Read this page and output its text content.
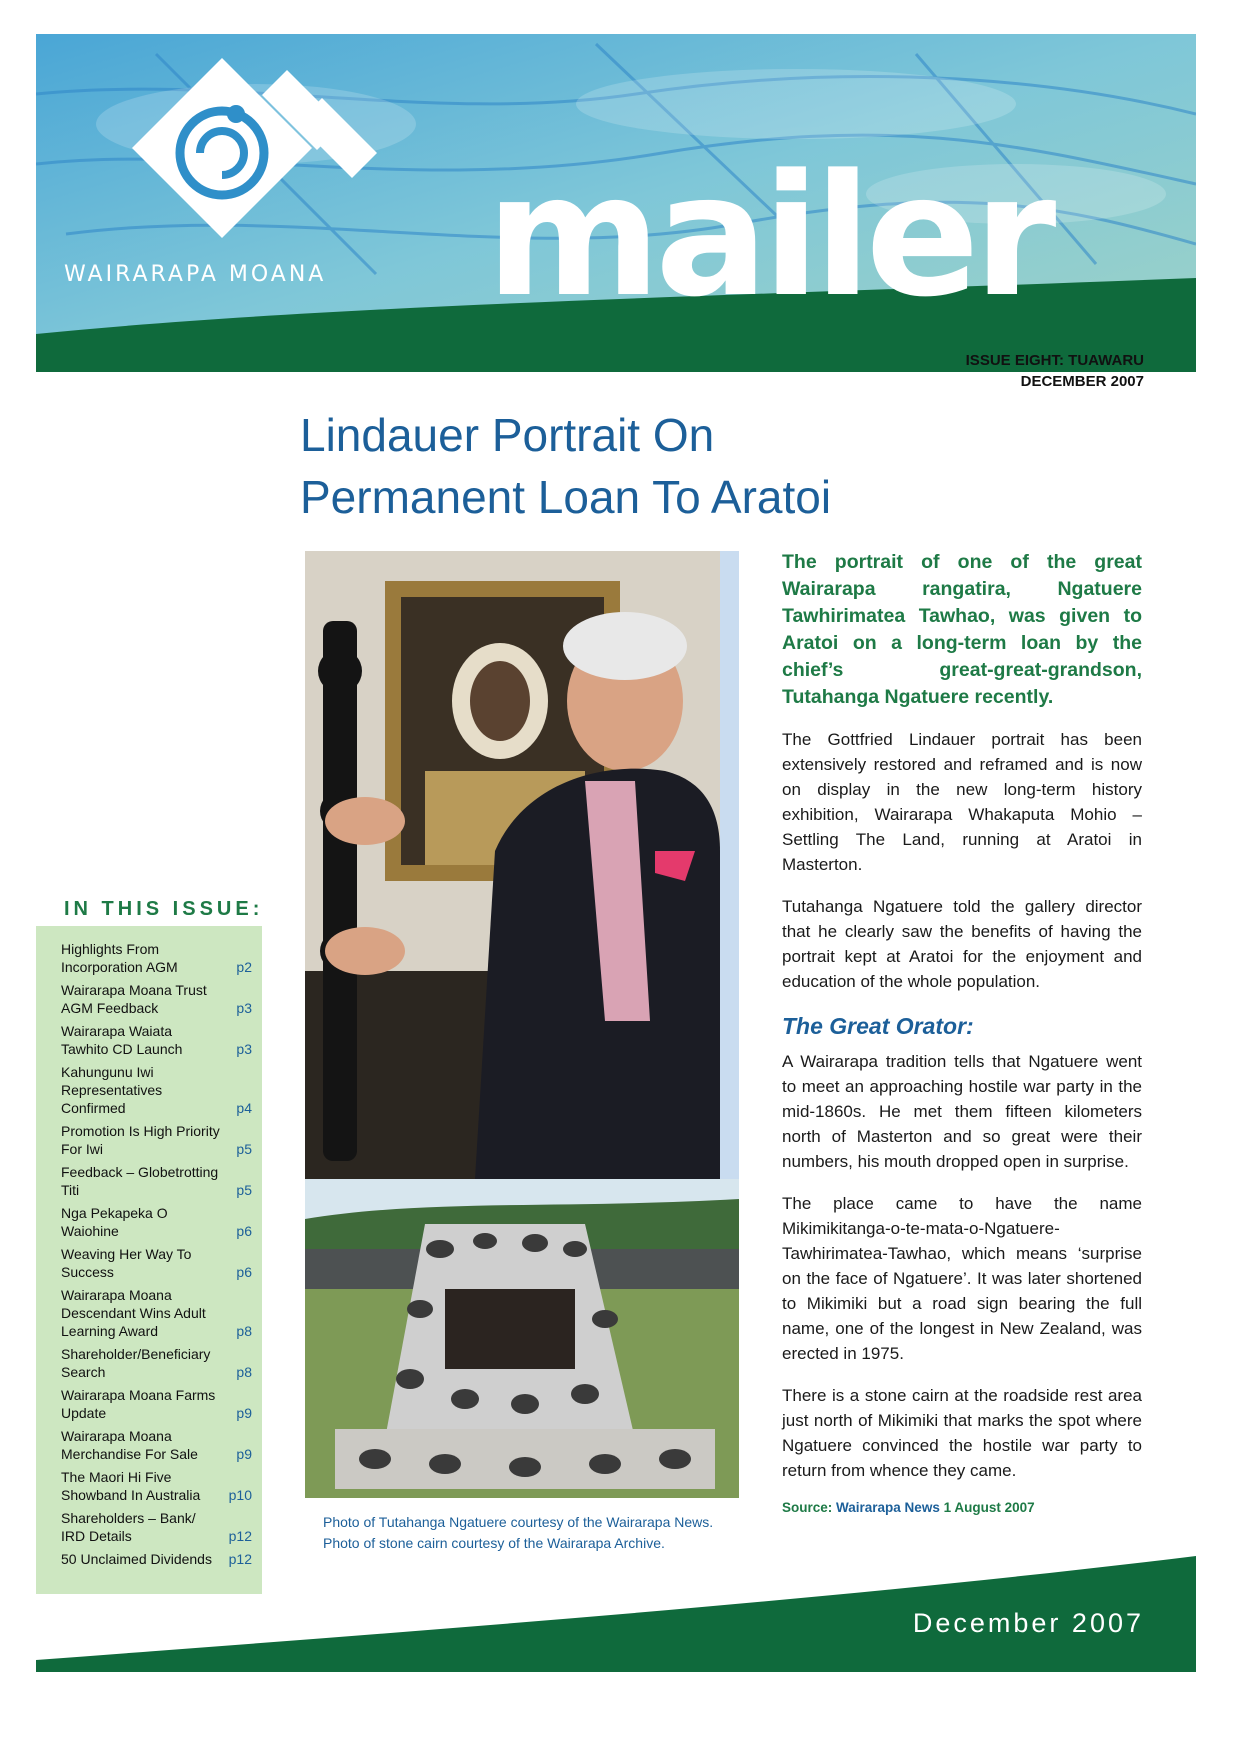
WAIRARAPA MOANA mailer
ISSUE EIGHT: TUAWARU
DECEMBER 2007
Lindauer Portrait On
Permanent Loan To Aratoi
IN THIS ISSUE:
Highlights From Incorporation AGM	p2
Wairarapa Moana Trust AGM Feedback	p3
Wairarapa Waiata Tawhito CD Launch	p3
Kahungunu Iwi Representatives Confirmed	p4
Promotion Is High Priority For Iwi	p5
Feedback – Globetrotting Titi	p5
Nga Pekapeka O Waiohine	p6
Weaving Her Way To Success	p6
Wairarapa Moana Descendant Wins Adult Learning Award	p8
Shareholder/Beneficiary Search	p8
Wairarapa Moana Farms Update	p9
Wairarapa Moana Merchandise For Sale	p9
The Maori Hi Five Showband In Australia	p10
Shareholders – Bank/ IRD Details	p12
50 Unclaimed Dividends p12
Photo of Tutahanga Ngatuere courtesy of the Wairarapa News.
Photo of stone cairn courtesy of the Wairarapa Archive.

The portrait of one of the great Wairarapa rangatira, Ngatuere Tawhirimatea Tawhao, was given to Aratoi on a long-term loan by the chief’s great-great-grandson, Tutahanga Ngatuere recently.

The Gottfried Lindauer portrait has been extensively restored and reframed and is now on display in the new long-term history exhibition, Wairarapa Whakaputa Mohio – Settling The Land, running at Aratoi in Masterton.

Tutahanga Ngatuere told the gallery director that he clearly saw the benefits of having the portrait kept at Aratoi for the enjoyment and education of the whole population.

The Great Orator:

A Wairarapa tradition tells that Ngatuere went to meet an approaching hostile war party in the mid-1860s. He met them fifteen kilometers north of Masterton and so great were their numbers, his mouth dropped open in surprise.

The place came to have the name Mikimikitanga-o-te-mata-o-Ngatuere-Tawhirimatea-Tawhao, which means ‘surprise on the face of Ngatuere’. It was later shortened to Mikimiki but a road sign bearing the full name, one of the longest in New Zealand, was erected in 1975.

There is a stone cairn at the roadside rest area just north of Mikimiki that marks the spot where Ngatuere convinced the hostile war party to return from whence they came.

Source: Wairarapa News 1 August 2007

December 2007
